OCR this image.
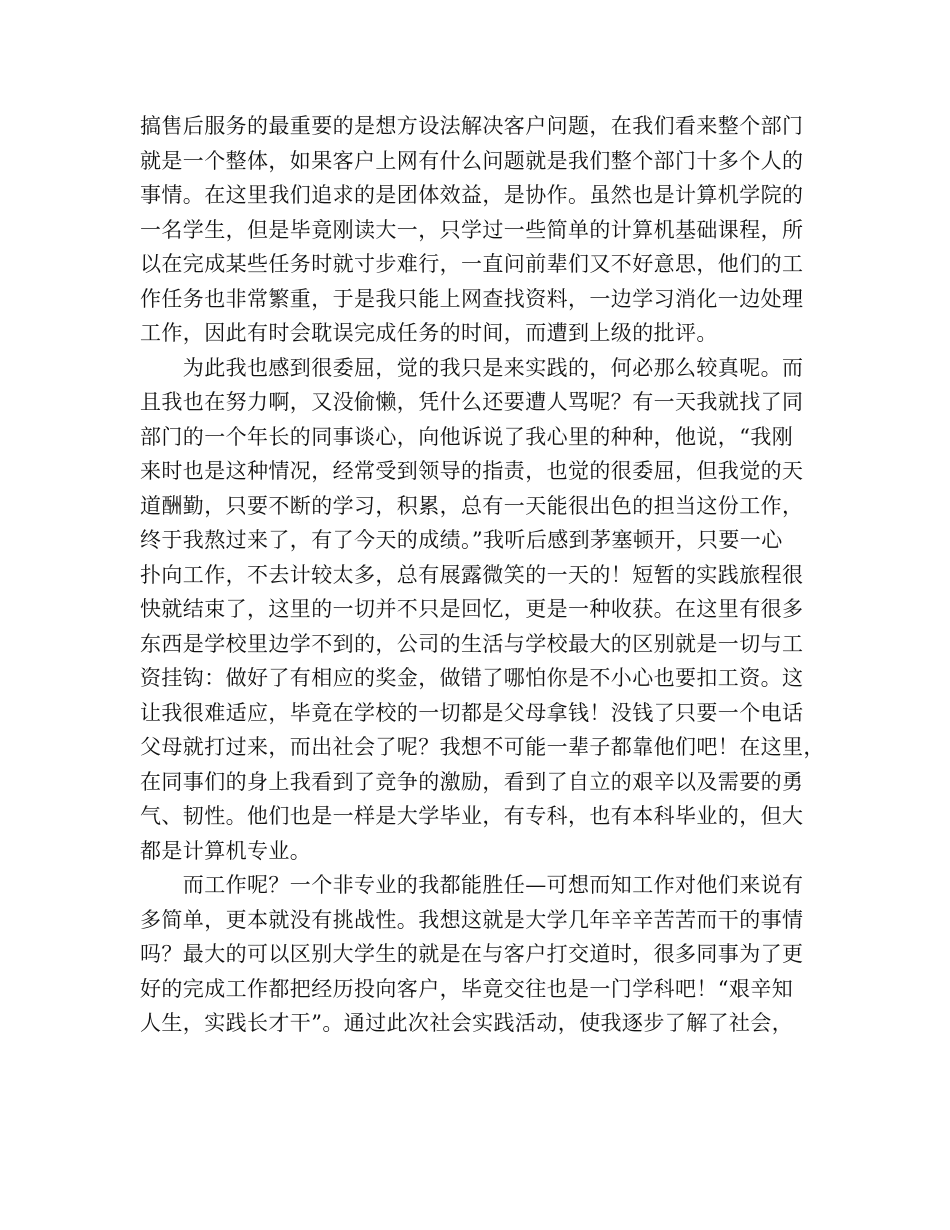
搞售后服务的最重要的是想方设法解决客户问题，在我们看来整个部门
就是一个整体，如果客户上网有什么问题就是我们整个部门十多个人的
事情。在这里我们追求的是团体效益，是协作。虽然也是计算机学院的
一名学生，但是毕竟刚读大一，只学过一些简单的计算机基础课程，所
以在完成某些任务时就寸步难行，一直问前辈们又不好意思，他们的工
作任务也非常繁重，于是我只能上网查找资料，一边学习消化一边处理
工作，因此有时会耽误完成任务的时间，而遭到上级的批评。
　　为此我也感到很委屈，觉的我只是来实践的，何必那么较真呢。而
且我也在努力啊，又没偷懒，凭什么还要遭人骂呢？有一天我就找了同
部门的一个年长的同事谈心，向他诉说了我心里的种种，他说，“我刚
来时也是这种情况，经常受到领导的指责，也觉的很委屈，但我觉的天
道酬勤，只要不断的学习，积累，总有一天能很出色的担当这份工作，
终于我熬过来了，有了今天的成绩。”我听后感到茅塞顿开，只要一心
扑向工作，不去计较太多，总有展露微笑的一天的！短暂的实践旅程很
快就结束了，这里的一切并不只是回忆，更是一种收获。在这里有很多
东西是学校里边学不到的，公司的生活与学校最大的区别就是一切与工
资挂钩：做好了有相应的奖金，做错了哪怕你是不小心也要扣工资。这
让我很难适应，毕竟在学校的一切都是父母拿钱！没钱了只要一个电话
父母就打过来，而出社会了呢？我想不可能一辈子都靠他们吧！在这里，
在同事们的身上我看到了竞争的激励，看到了自立的艰辛以及需要的勇
气、韧性。他们也是一样是大学毕业，有专科，也有本科毕业的，但大
都是计算机专业。
　　而工作呢？一个非专业的我都能胜任—可想而知工作对他们来说有
多简单，更本就没有挑战性。我想这就是大学几年辛辛苦苦而干的事情
吗？最大的可以区别大学生的就是在与客户打交道时，很多同事为了更
好的完成工作都把经历投向客户，毕竟交往也是一门学科吧！“艰辛知
人生，实践长才干”。通过此次社会实践活动，使我逐步了解了社会，
